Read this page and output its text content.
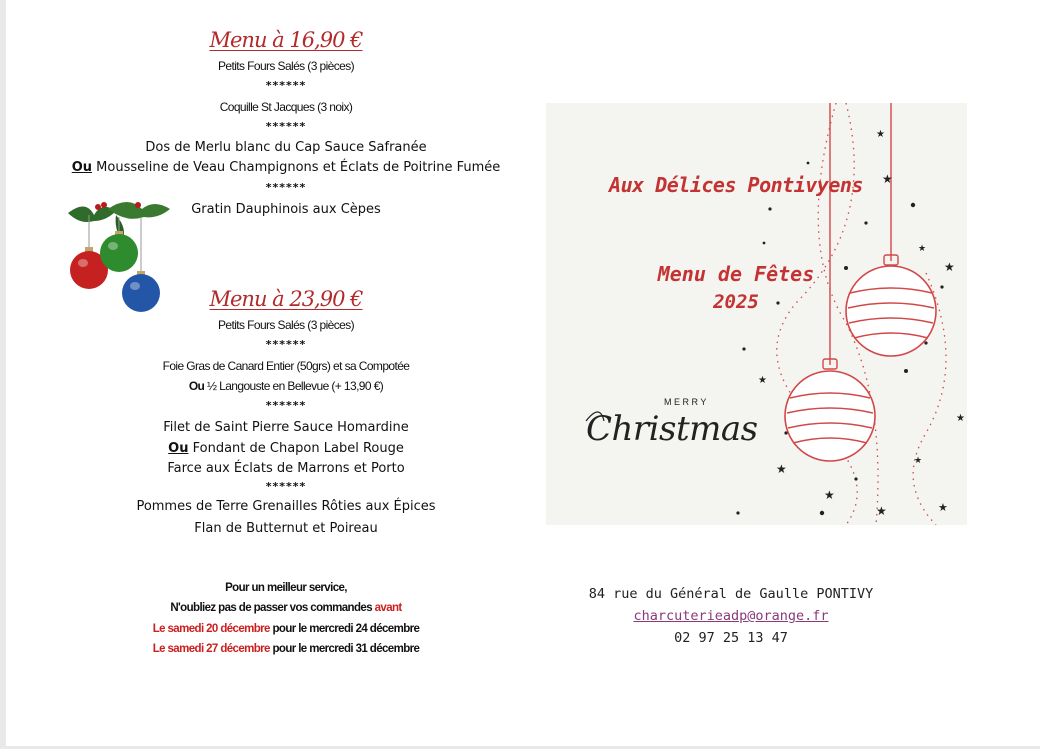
Menu à 16,90 €
Petits Fours Salés (3 pièces)
******
Coquille St Jacques (3 noix)
******
Dos de Merlu blanc du Cap Sauce Safranée
Ou Mousseline de Veau Champignons et Éclats de Poitrine Fumée
******
Gratin Dauphinois aux Cèpes
Menu à 23,90 €
Petits Fours Salés (3 pièces)
******
Foie Gras de Canard Entier (50grs) et sa Compotée
Ou ½ Langouste en Bellevue (+ 13,90 €)
******
Filet de Saint Pierre Sauce Homardine
Ou Fondant de Chapon Label Rouge
Farce aux Éclats de Marrons et Porto
******
Pommes de Terre Grenailles Rôties aux Épices
Flan de Butternut et Poireau
Pour un meilleur service,
N'oubliez pas de passer vos commandes avant
Le samedi 20 décembre pour le mercredi 24 décembre
Le samedi 27 décembre pour le mercredi 31 décembre
★
★
★
★
★
★
★	★
★
★
★
Aux Délices Pontivyens
Menu de Fêtes
2025
MERRY
Christmas
84 rue du Général de Gaulle PONTIVY
charcuterieadp@orange.fr
02 97 25 13 47
